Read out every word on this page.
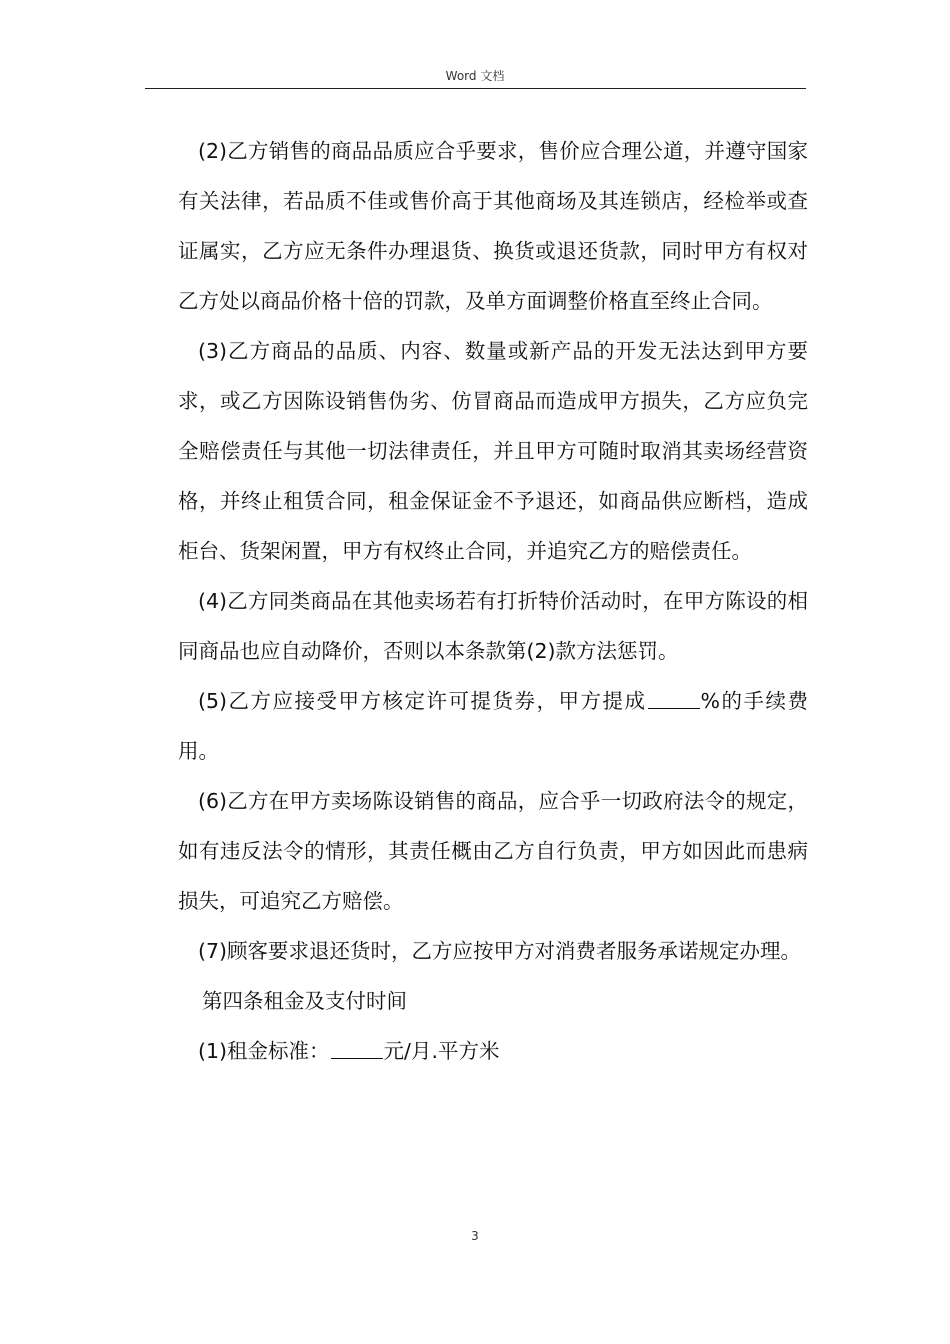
Word 文档

(2)乙方销售的商品品质应合乎要求，售价应合理公道，并遵守国家有关法律，若品质不佳或售价高于其他商场及其连锁店，经检举或查证属实，乙方应无条件办理退货、换货或退还货款，同时甲方有权对乙方处以商品价格十倍的罚款，及单方面调整价格直至终止合同。

(3)乙方商品的品质、内容、数量或新产品的开发无法达到甲方要求，或乙方因陈设销售伪劣、仿冒商品而造成甲方损失，乙方应负完全赔偿责任与其他一切法律责任，并且甲方可随时取消其卖场经营资格，并终止租赁合同，租金保证金不予退还，如商品供应断档，造成柜台、货架闲置，甲方有权终止合同，并追究乙方的赔偿责任。

(4)乙方同类商品在其他卖场若有打折特价活动时，在甲方陈设的相同商品也应自动降价，否则以本条款第(2)款方法惩罚。

(5)乙方应接受甲方核定许可提货券，甲方提成	%的手续费用。

(6)乙方在甲方卖场陈设销售的商品，应合乎一切政府法令的规定，如有违反法令的情形，其责任概由乙方自行负责，甲方如因此而患病损失，可追究乙方赔偿。

(7)顾客要求退还货时，乙方应按甲方对消费者服务承诺规定办理。

第四条租金及支付时间

(1)租金标准：	元/月.平方米

3
